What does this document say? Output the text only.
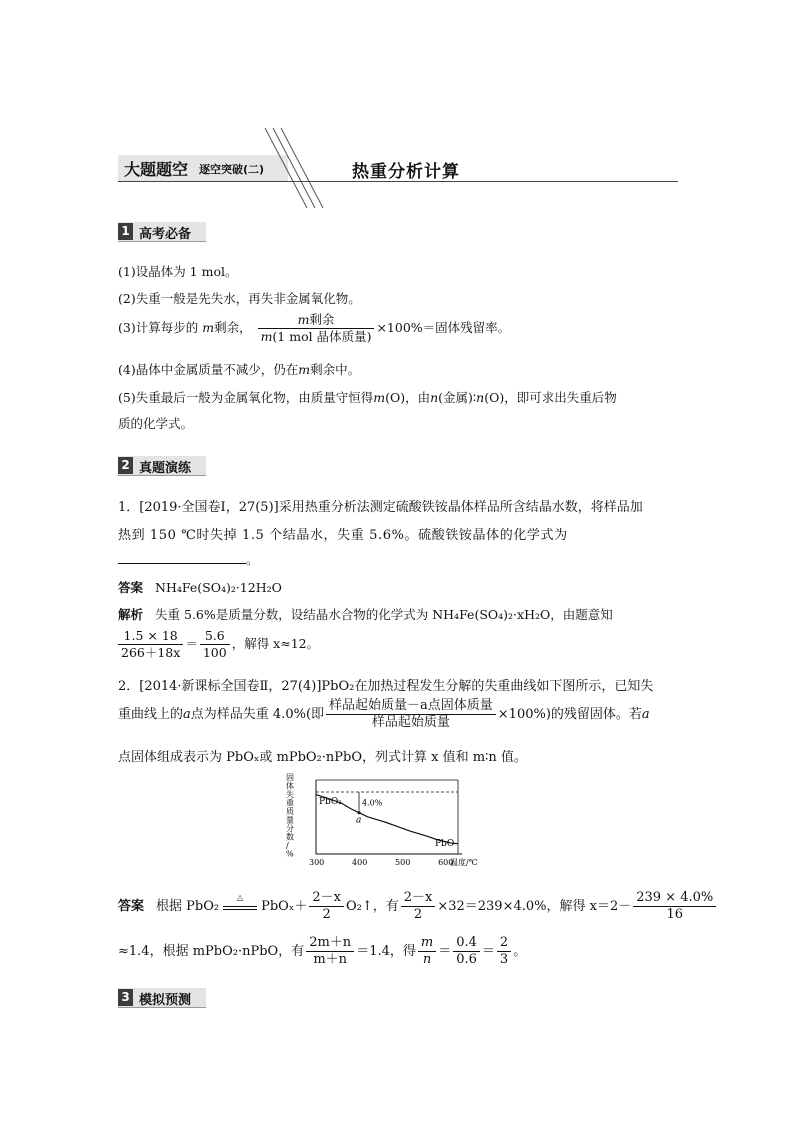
大题题空 逐空突破(二)	热重分析计算
1 高考必备
(1)设晶体为 1 mol。
(2)失重一般是先失水，再失非金属氧化物。
(3)计算每步的 m剩余， $\frac{\text{m剩余}}{\text{m(1 mol 晶体质量)}} \times 100\%=$固体残留率。
(4)晶体中金属质量不减少，仍在m剩余中。
(5)失重最后一般为金属氧化物，由质量守恒得m(O)，由n(金属)∶n(O)，即可求出失重后物
质的化学式。
2 真题演练
1．[2019·全国卷Ⅰ，27(5)]采用热重分析法测定硫酸铁铵晶体样品所含结晶水数，将样品加
热到 150 ℃时失掉 1.5 个结晶水，失重 5.6%。硫酸铁铵晶体的化学式为
。
答案 NH₄Fe(SO₄)₂·12H₂O
解析 失重 5.6%是质量分数，设结晶水合物的化学式为 NH₄Fe(SO₄)₂·xH₂O，由题意知
$\frac{1.5 \times 18}{266+18x} = \frac{5.6}{100}$ ，解得 x≈12。
2．[2014·新课标全国卷Ⅱ，27(4)]PbO₂在加热过程发生分解的失重曲线如下图所示，已知失
重曲线上的a点为样品失重 4.0%(即 $\frac{\text{样品起始质量－a点固体质量}}{\text{样品起始质量}} \times 100\%$)的残留固体。若a
点固体组成表示为 PbOₓ或 mPbO₂·nPbO，列式计算 x 值和 m∶n 值。
固
体
失
重
质
量
分
数
/
%
4.0%
a
PbO₂
PbO
300	400	500	600
温度/℃
答案 根据 PbO₂
△
$PbO_x+ \frac{2-x}{2}$ O₂↑，有 $\frac{2-x}{2} \times 32=239\times 4.0\%$，解得 $x=2- \frac{239 \times 4.0\%}{16}$
≈1.4，根据 mPbO₂·nPbO，有 $\frac{2m+n}{m+n} =1.4$，得 $\frac{m}{n} = \frac{0.4}{0.6} = \frac{2}{3}$ 。
3 模拟预测
